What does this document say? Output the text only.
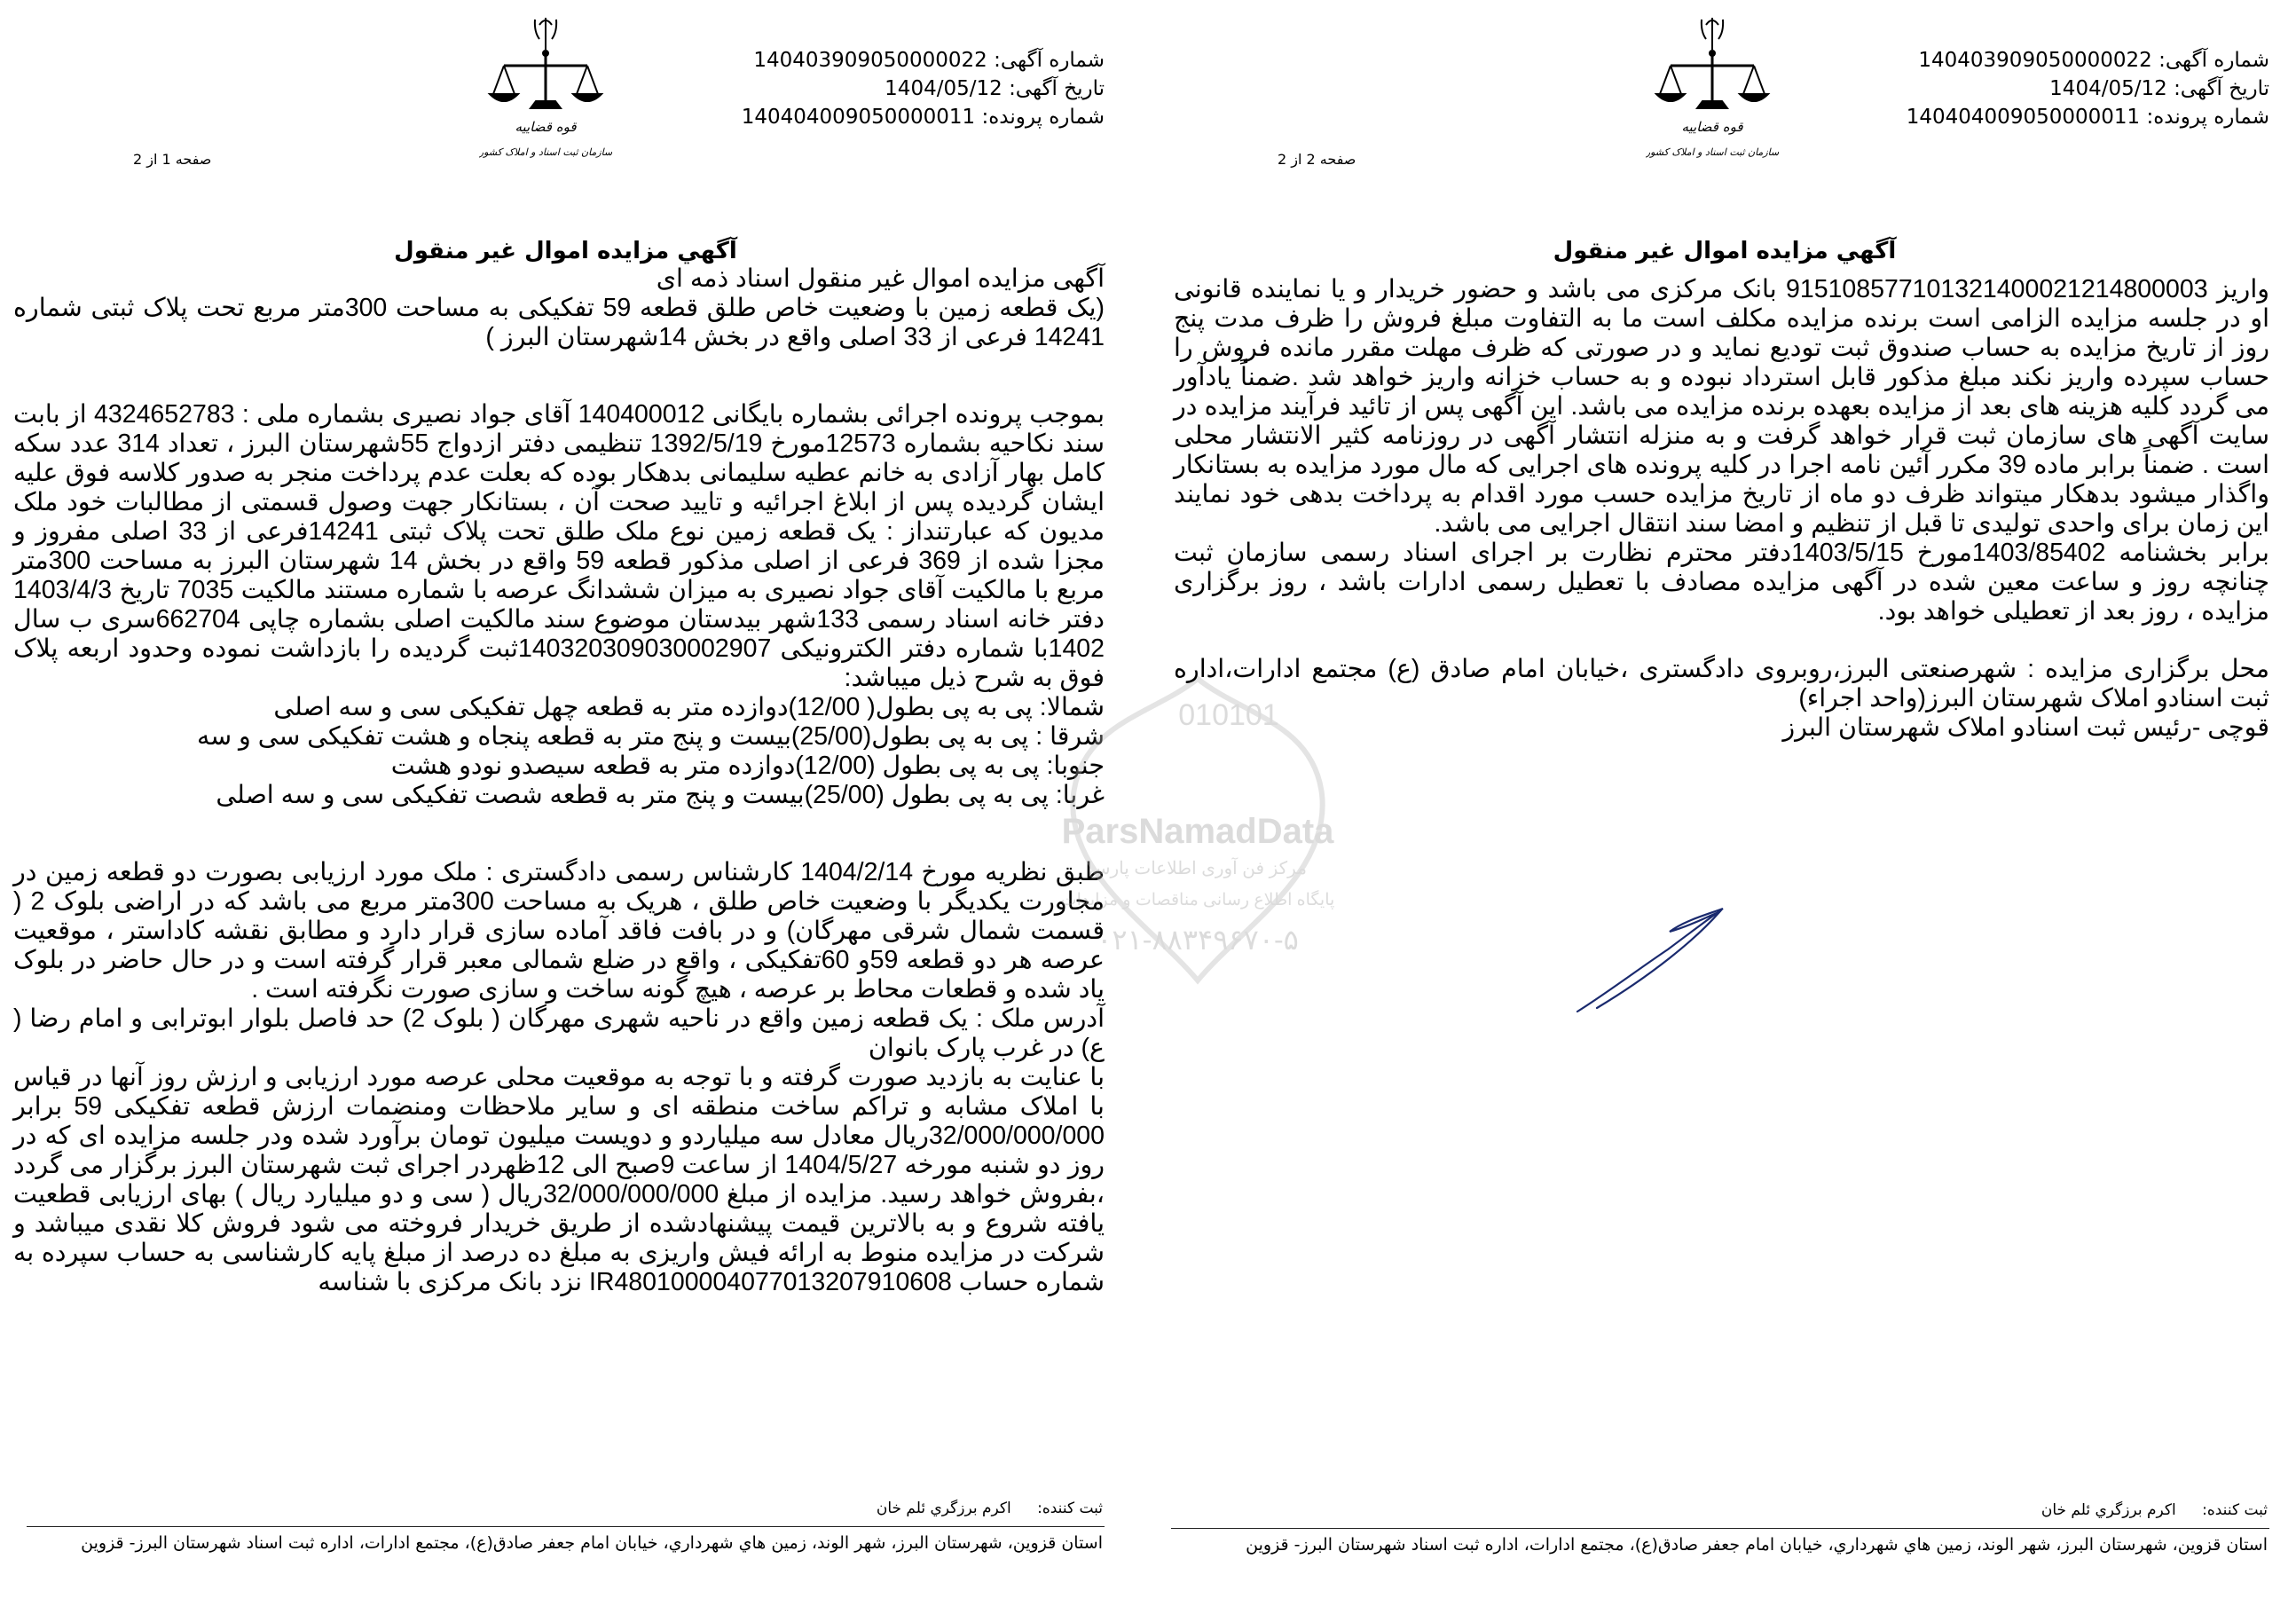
شماره آگهی: 140403909050000022
تاریخ آگهی: 1404/05/12
شماره پرونده: 140404009050000011
قوه قضاییه
سازمان ثبت اسناد و املاک کشور
صفحه 1 از 2
آگهي مزايده اموال غير منقول

آگهی مزایده اموال غیر منقول اسناد ذمه ای

(یک قطعه زمین با وضعیت خاص طلق قطعه 59 تفکیکی به مساحت 300متر مربع تحت پلاک ثبتی شماره 14241 فرعی از 33 اصلی واقع در بخش 14شهرستان البرز )

بموجب پرونده اجرائی بشماره بایگانی 140400012 آقای جواد نصیری بشماره ملی : 4324652783 از بابت سند نکاحیه بشماره 12573مورخ 1392/5/19 تنظیمی دفتر ازدواج 55شهرستان البرز ، تعداد 314 عدد سکه کامل بهار آزادی به خانم عطیه سلیمانی بدهکار بوده که بعلت عدم پرداخت منجر به صدور کلاسه فوق علیه ایشان گردیده پس از ابلاغ اجرائیه و تایید صحت آن ، بستانکار جهت وصول قسمتی از مطالبات خود ملک مدیون که عبارتنداز : یک قطعه زمین نوع ملک طلق تحت پلاک ثبتی 14241فرعی از 33 اصلی مفروز و مجزا شده از 369 فرعی از اصلی مذکور قطعه 59 واقع در بخش 14 شهرستان البرز به مساحت 300متر مربع با مالکیت آقای جواد نصیری به میزان ششدانگ عرصه با شماره مستند مالکیت 7035 تاریخ 1403/4/3 دفتر خانه اسناد رسمی 133شهر بیدستان موضوع سند مالکیت اصلی بشماره چاپی 662704سری ب سال 1402با شماره دفتر الکترونیکی 140320309030002907ثبت گردیده را بازداشت نموده وحدود اربعه پلاک فوق به شرح ذیل میباشد:

شمالا: پی به پی بطول( 12/00)دوازده متر به قطعه چهل تفکیکی سی و سه اصلی

شرقا : پی به پی بطول(25/00)بیست و پنج متر به قطعه پنجاه و هشت تفکیکی سی و سه

جنوبا: پی به پی بطول (12/00)دوازده متر به قطعه سیصدو نودو هشت

غربا: پی به پی بطول (25/00)بیست و پنج متر به قطعه شصت تفکیکی سی و سه اصلی

طبق نظریه مورخ 1404/2/14 کارشناس رسمی دادگستری : ملک مورد ارزیابی بصورت دو قطعه زمین در مجاورت یکدیگر با وضعیت خاص طلق ، هریک به مساحت 300متر مربع می باشد که در اراضی بلوک 2 ( قسمت شمال شرقی مهرگان) و در بافت فاقد آماده سازی قرار دارد و مطابق نقشه کاداستر ، موقعیت عرصه هر دو قطعه 59و 60تفکیکی ، واقع در ضلع شمالی معبر قرار گرفته است و در حال حاضر در بلوک یاد شده و قطعات محاط بر عرصه ، هیچ گونه ساخت و سازی صورت نگرفته است .

آدرس ملک : یک قطعه زمین واقع در ناحیه شهری مهرگان ( بلوک 2) حد فاصل بلوار ابوترابی و امام رضا ( ع) در غرب پارک بانوان

با عنایت به بازدید صورت گرفته و با توجه به موقعیت محلی عرصه مورد ارزیابی و ارزش روز آنها در قیاس با املاک مشابه و تراکم ساخت منطقه ای و سایر ملاحظات ومنضمات ارزش قطعه تفکیکی 59 برابر 32/000/000/000ریال معادل سه میلیاردو و دویست میلیون تومان برآورد شده ودر جلسه مزایده ای که در روز دو شنبه مورخه 1404/5/27 از ساعت 9صبح الی 12ظهردر اجرای ثبت شهرستان البرز برگزار می گردد ،بفروش خواهد رسید. مزایده از مبلغ 32/000/000/000ریال ( سی و دو میلیارد ریال ) بهای ارزیابی قطعیت یافته شروع و به بالاترین قیمت پیشنهادشده از طریق خریدار فروخته می شود فروش کلا نقدی میباشد و شرکت در مزایده منوط به ارائه فیش واریزی به مبلغ ده درصد از مبلغ پایه کارشناسی به حساب سپرده به شماره حساب IR480100004077013207910608 نزد بانک مرکزی با شناسه

ثبت کننده: اکرم برزگري ئلم خان
استان قزوين، شهرستان البرز، شهر الوند، زمين هاي شهرداري، خيابان امام جعفر صادق(ع)، مجتمع ادارات، اداره ثبت اسناد شهرستان البرز- قزوين
010101
ParsNamadData
مرکز فن آوری اطلاعات پارس
پایگاه اطلاع رسانی مناقصات و مزایدات
۰۲۱-۸۸۳۴۹۶۷۰-۵
شماره آگهی: 140403909050000022
تاریخ آگهی: 1404/05/12
شماره پرونده: 140404009050000011
قوه قضاییه
سازمان ثبت اسناد و املاک کشور
صفحه 2 از 2
آگهي مزايده اموال غير منقول

واریز 915108577101321400021214800003 بانک مرکزی می باشد و حضور خریدار و یا نماینده قانونی او در جلسه مزایده الزامی است برنده مزایده مکلف است ما به التفاوت مبلغ فروش را ظرف مدت پنج روز از تاریخ مزایده به حساب صندوق ثبت تودیع نماید و در صورتی که ظرف مهلت مقرر مانده فروش را حساب سپرده واریز نکند مبلغ مذکور قابل استرداد نبوده و به حساب خزانه واریز خواهد شد .ضمناً یادآور می گردد کلیه هزینه های بعد از مزایده بعهده برنده مزایده می باشد. این آگهی پس از تائید فرآیند مزایده در سایت آگهی های سازمان ثبت قرار خواهد گرفت و به منزله انتشار آگهی در روزنامه کثیر الانتشار محلی است . ضمناً برابر ماده 39 مکرر آئین نامه اجرا در کلیه پرونده های اجرایی که مال مورد مزایده به بستانکار واگذار میشود بدهکار میتواند ظرف دو ماه از تاریخ مزایده حسب مورد اقدام به پرداخت بدهی خود نمایند این زمان برای واحدی تولیدی تا قبل از تنظیم و امضا سند انتقال اجرایی می باشد.

برابر بخشنامه 1403/85402مورخ 1403/5/15دفتر محترم نظارت بر اجرای اسناد رسمی سازمان ثبت چنانچه روز و ساعت معین شده در آگهی مزایده مصادف با تعطیل رسمی ادارات باشد ، روز برگزاری مزایده ، روز بعد از تعطیلی خواهد بود.

محل برگزاری مزایده : شهرصنعتی البرز،روبروی دادگستری ،خیابان امام صادق (ع) مجتمع ادارات،اداره ثبت اسنادو املاک شهرستان البرز(واحد اجراء)

قوچی -رئیس ثبت اسنادو املاک شهرستان البرز

ثبت کننده: اکرم برزگري ئلم خان
استان قزوين، شهرستان البرز، شهر الوند، زمين هاي شهرداري، خيابان امام جعفر صادق(ع)، مجتمع ادارات، اداره ثبت اسناد شهرستان البرز- قزوين
